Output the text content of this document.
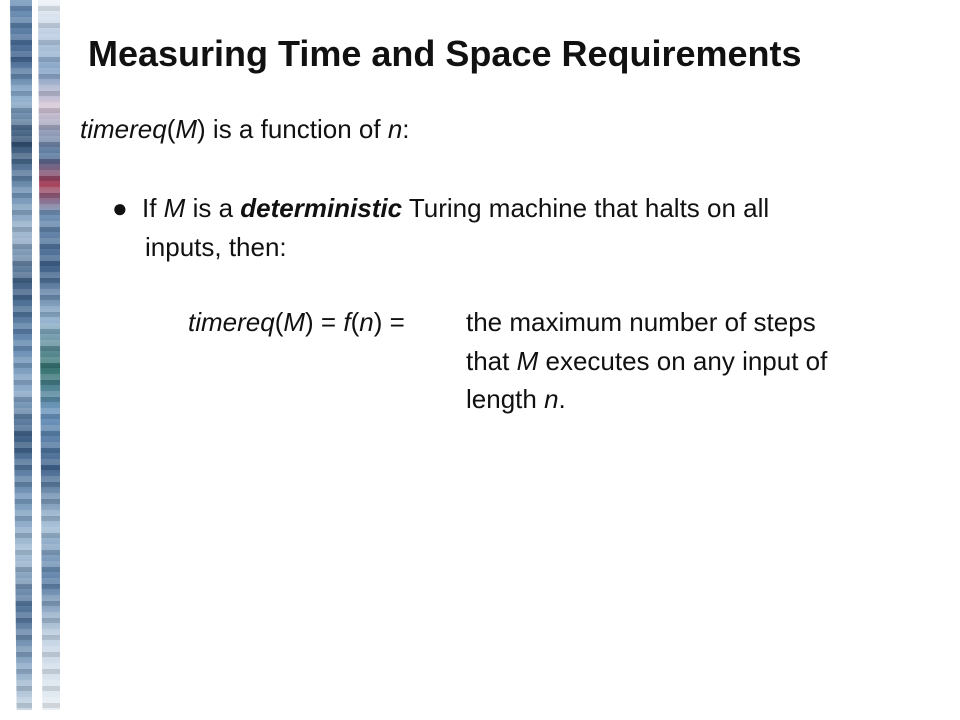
Measuring Time and Space Requirements
timereq(M) is a function of n:
● If M is a deterministic Turing machine that halts on all
inputs, then:
timereq(M) = f(n) = the maximum number of steps
that M executes on any input of
length n.
